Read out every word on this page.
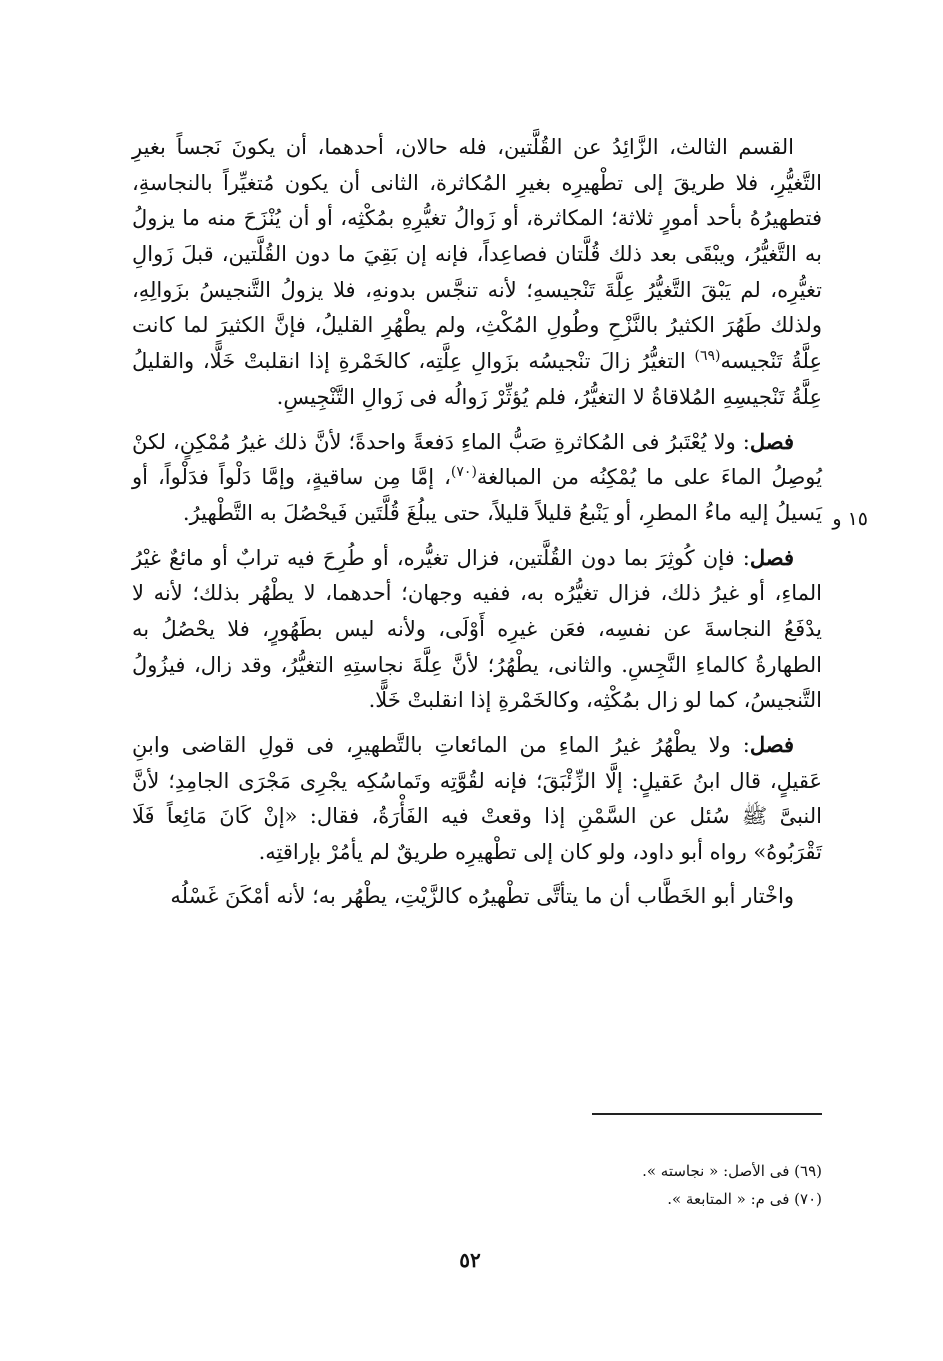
القسم الثالث، الزَّائِدُ عن القُلَّتين، فله حالان، أحدهما، أن يكونَ نَجساً بغيرِ التَّغيُّرِ، فلا طريقَ إلى تطْهيرِه بغيرِ المُكاثرة، الثانى أن يكون مُتغيِّراً بالنجاسةِ، فتطهيرُهُ بأحد أمورٍ ثلاثة؛ المكاثرة، أو زَوالُ تغيُّرِهِ بمُكْثِه، أو أن يُنْزَحَ منه ما يزولُ به التَّغيُّرُ، ويبْقَى بعد ذلك قُلَّتان فصاعِداً، فإنه إن بَقِيَ ما دون القُلَّتين، قبلَ زَوالِ تغيُّرِه، لم يَبْقَ التَّغيُّرُ عِلَّةَ تَنْجيسهِ؛ لأنه تنجَّس بدونهِ، فلا يزولُ التَّنجيسُ بزَوالِهِ، ولذلك طَهُرَ الكثيرُ بالنَّزْحِ وطُولِ المُكْثِ، ولم يطْهُرِ القليلُ، فإنَّ الكثيرَ لما كانت عِلَّةُ تَنْجيسه$^{(٦٩)}$ التغيُّرُ زالَ تنْجيسُه بزَوالِ عِلَّتِه، كالخَمْرةِ إذا انقلبتْ خَلًّا، والقليلُ عِلَّةُ تَنْجيسِهِ المُلاقاةُ لا التغيُّرُ، فلم يُؤثِّرْ زَوالُه فى زَوالِ التَّنْجِيسِ.

فصل: ولا يُعْتَبرُ فى المُكاثرةِ صَبُّ الماءِ دَفعةً واحدةً؛ لأنَّ ذلك غيرُ مُمْكِنٍ، لكنْ يُوصِلُ الماءَ على ما يُمْكِنُه من المبالغة$^{(٧٠)}$، إمَّا مِن ساقيةٍ، وإمَّا دَلْواً فدَلْواً، أو يَسيلُ إليه ماءُ المطرِ، أو يَنْبعُ قليلاً قليلاً، حتى يبلُغَ قُلَّتَين فَيحْصُلَ به التَّطْهيرُ.

فصل: فإن كُوثِرَ بما دون القُلَّتين، فزال تغيُّره، أو طُرِحَ فيه ترابٌ أو مائعٌ غيْرُ الماءِ، أو غيرُ ذلك، فزال تغيُّرُه به، ففيه وجهان؛ أحدهما، لا يطْهُر بذلك؛ لأنه لا يدْفَعُ النجاسةَ عن نفسِه، فعَن غيرِه أَوْلَى، ولأنه ليس بطَهُورٍ، فلا يحْصُلُ به الطهارةُ كالماءِ النَّجِسِ. والثانى، يطْهُرُ؛ لأنَّ عِلَّةَ نجاستِهِ التغيُّرُ، وقد زال، فيزُولُ التَّنجيسُ، كما لو زال بمُكْثِه، وكالخَمْرةِ إذا انقلبتْ خَلًّا.

فصل: ولا يطْهُرُ غيرُ الماءِ من المائعاتِ بالتَّطهيرِ، فى قولِ القاضى وابنِ عَقيلٍ، قال ابنُ عَقيلٍ: إلَّا الزِّئْبَقَ؛ فإنه لقُوَّتِه وتَماسُكِه يجْرِى مَجْرَى الجامِدِ؛ لأنَّ النبىَّ ﷺ سُئل عن السَّمْنِ إذا وقعتْ فيه الفَأْرَةُ، فقال: «إنْ كَانَ مَائِعاً فَلَا تَقْرَبُوهُ» رواه أبو داود، ولو كان إلى تطْهيرِه طريقٌ لم يأمُرْ بإراقتِه.

واخْتار أبو الخَطَّاب أن ما يتأتَّى تطْهيرُه كالزَّيْتِ، يطْهُر به؛ لأنه أمْكَنَ غَسْلُه

١٥ و

(٦٩) فى الأصل: « نجاسته ».

(٧٠) فى م: « المتابعة ».

٥٢
